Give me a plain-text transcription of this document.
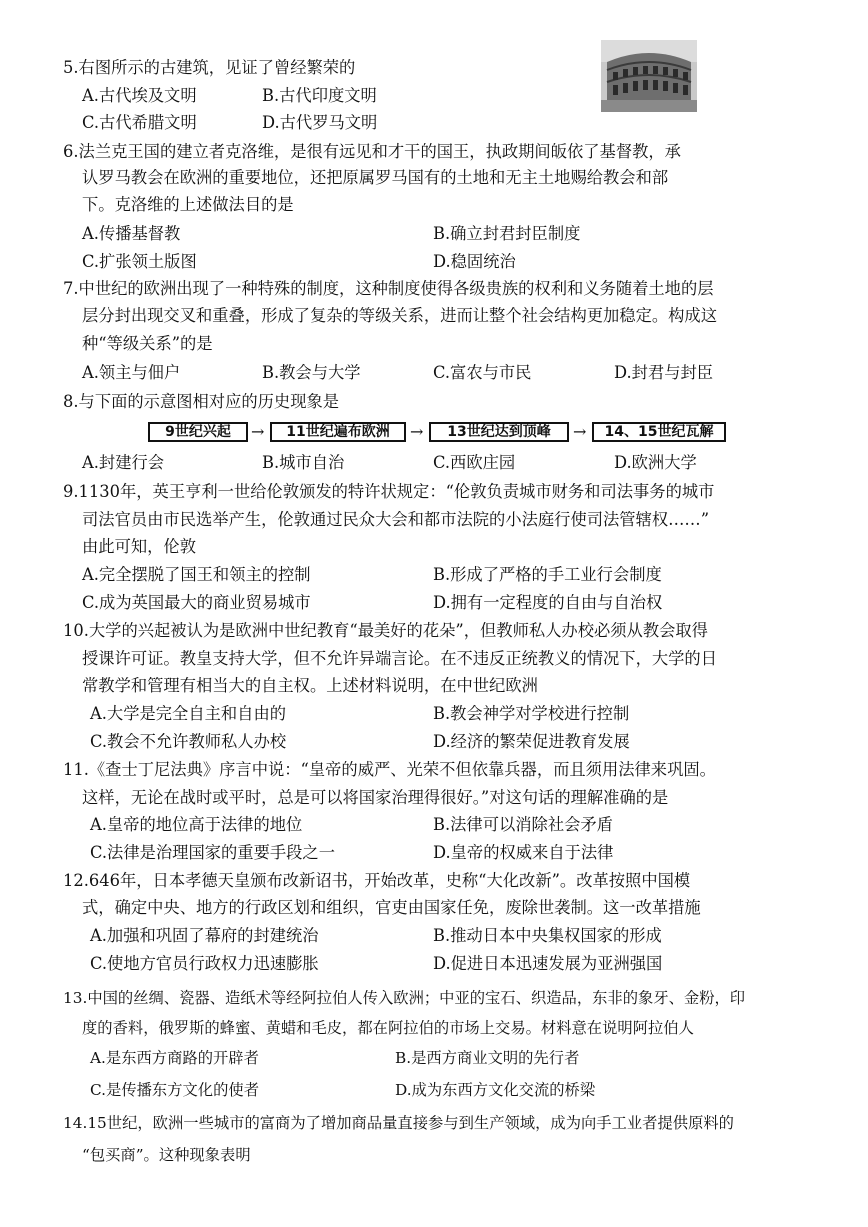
5.右图所示的古建筑，见证了曾经繁荣的
A.古代埃及文明	B.古代印度文明
C.古代希腊文明	D.古代罗马文明
6.法兰克王国的建立者克洛维，是很有远见和才干的国王，执政期间皈依了基督教，承
认罗马教会在欧洲的重要地位，还把原属罗马国有的土地和无主土地赐给教会和部
下。克洛维的上述做法目的是
A.传播基督教	B.确立封君封臣制度
C.扩张领土版图	D.稳固统治
7.中世纪的欧洲出现了一种特殊的制度，这种制度使得各级贵族的权利和义务随着土地的层
层分封出现交叉和重叠，形成了复杂的等级关系，进而让整个社会结构更加稳定。构成这
种“等级关系”的是
A.领主与佃户	B.教会与大学	C.富农与市民	D.封君与封臣
8.与下面的示意图相对应的历史现象是
9世纪兴起	→	11世纪遍布欧洲	→	13世纪达到顶峰	→	14、15世纪瓦解
A.封建行会	B.城市自治	C.西欧庄园	D.欧洲大学
9.1130年，英王亨利一世给伦敦颁发的特许状规定：“伦敦负责城市财务和司法事务的城市
司法官员由市民选举产生，伦敦通过民众大会和都市法院的小法庭行使司法管辖权……”
由此可知，伦敦
A.完全摆脱了国王和领主的控制	B.形成了严格的手工业行会制度
C.成为英国最大的商业贸易城市	D.拥有一定程度的自由与自治权
10.大学的兴起被认为是欧洲中世纪教育“最美好的花朵”，但教师私人办校必须从教会取得
授课许可证。教皇支持大学，但不允许异端言论。在不违反正统教义的情况下，大学的日
常教学和管理有相当大的自主权。上述材料说明，在中世纪欧洲
A.大学是完全自主和自由的	B.教会神学对学校进行控制
C.教会不允许教师私人办校	D.经济的繁荣促进教育发展
11.《查士丁尼法典》序言中说：“皇帝的威严、光荣不但依靠兵器，而且须用法律来巩固。
这样，无论在战时或平时，总是可以将国家治理得很好。”对这句话的理解准确的是
A.皇帝的地位高于法律的地位	B.法律可以消除社会矛盾
C.法律是治理国家的重要手段之一	D.皇帝的权威来自于法律
12.646年，日本孝德天皇颁布改新诏书，开始改革，史称“大化改新”。改革按照中国模
式，确定中央、地方的行政区划和组织，官吏由国家任免，废除世袭制。这一改革措施
A.加强和巩固了幕府的封建统治	B.推动日本中央集权国家的形成
C.使地方官员行政权力迅速膨胀	D.促进日本迅速发展为亚洲强国
13.中国的丝绸、瓷器、造纸术等经阿拉伯人传入欧洲；中亚的宝石、织造品，东非的象牙、金粉，印
度的香料，俄罗斯的蜂蜜、黄蜡和毛皮，都在阿拉伯的市场上交易。材料意在说明阿拉伯人
A.是东西方商路的开辟者	B.是西方商业文明的先行者
C.是传播东方文化的使者	D.成为东西方文化交流的桥梁
14.15世纪，欧洲一些城市的富商为了增加商品量直接参与到生产领域，成为向手工业者提供原料的
“包买商”。这种现象表明
